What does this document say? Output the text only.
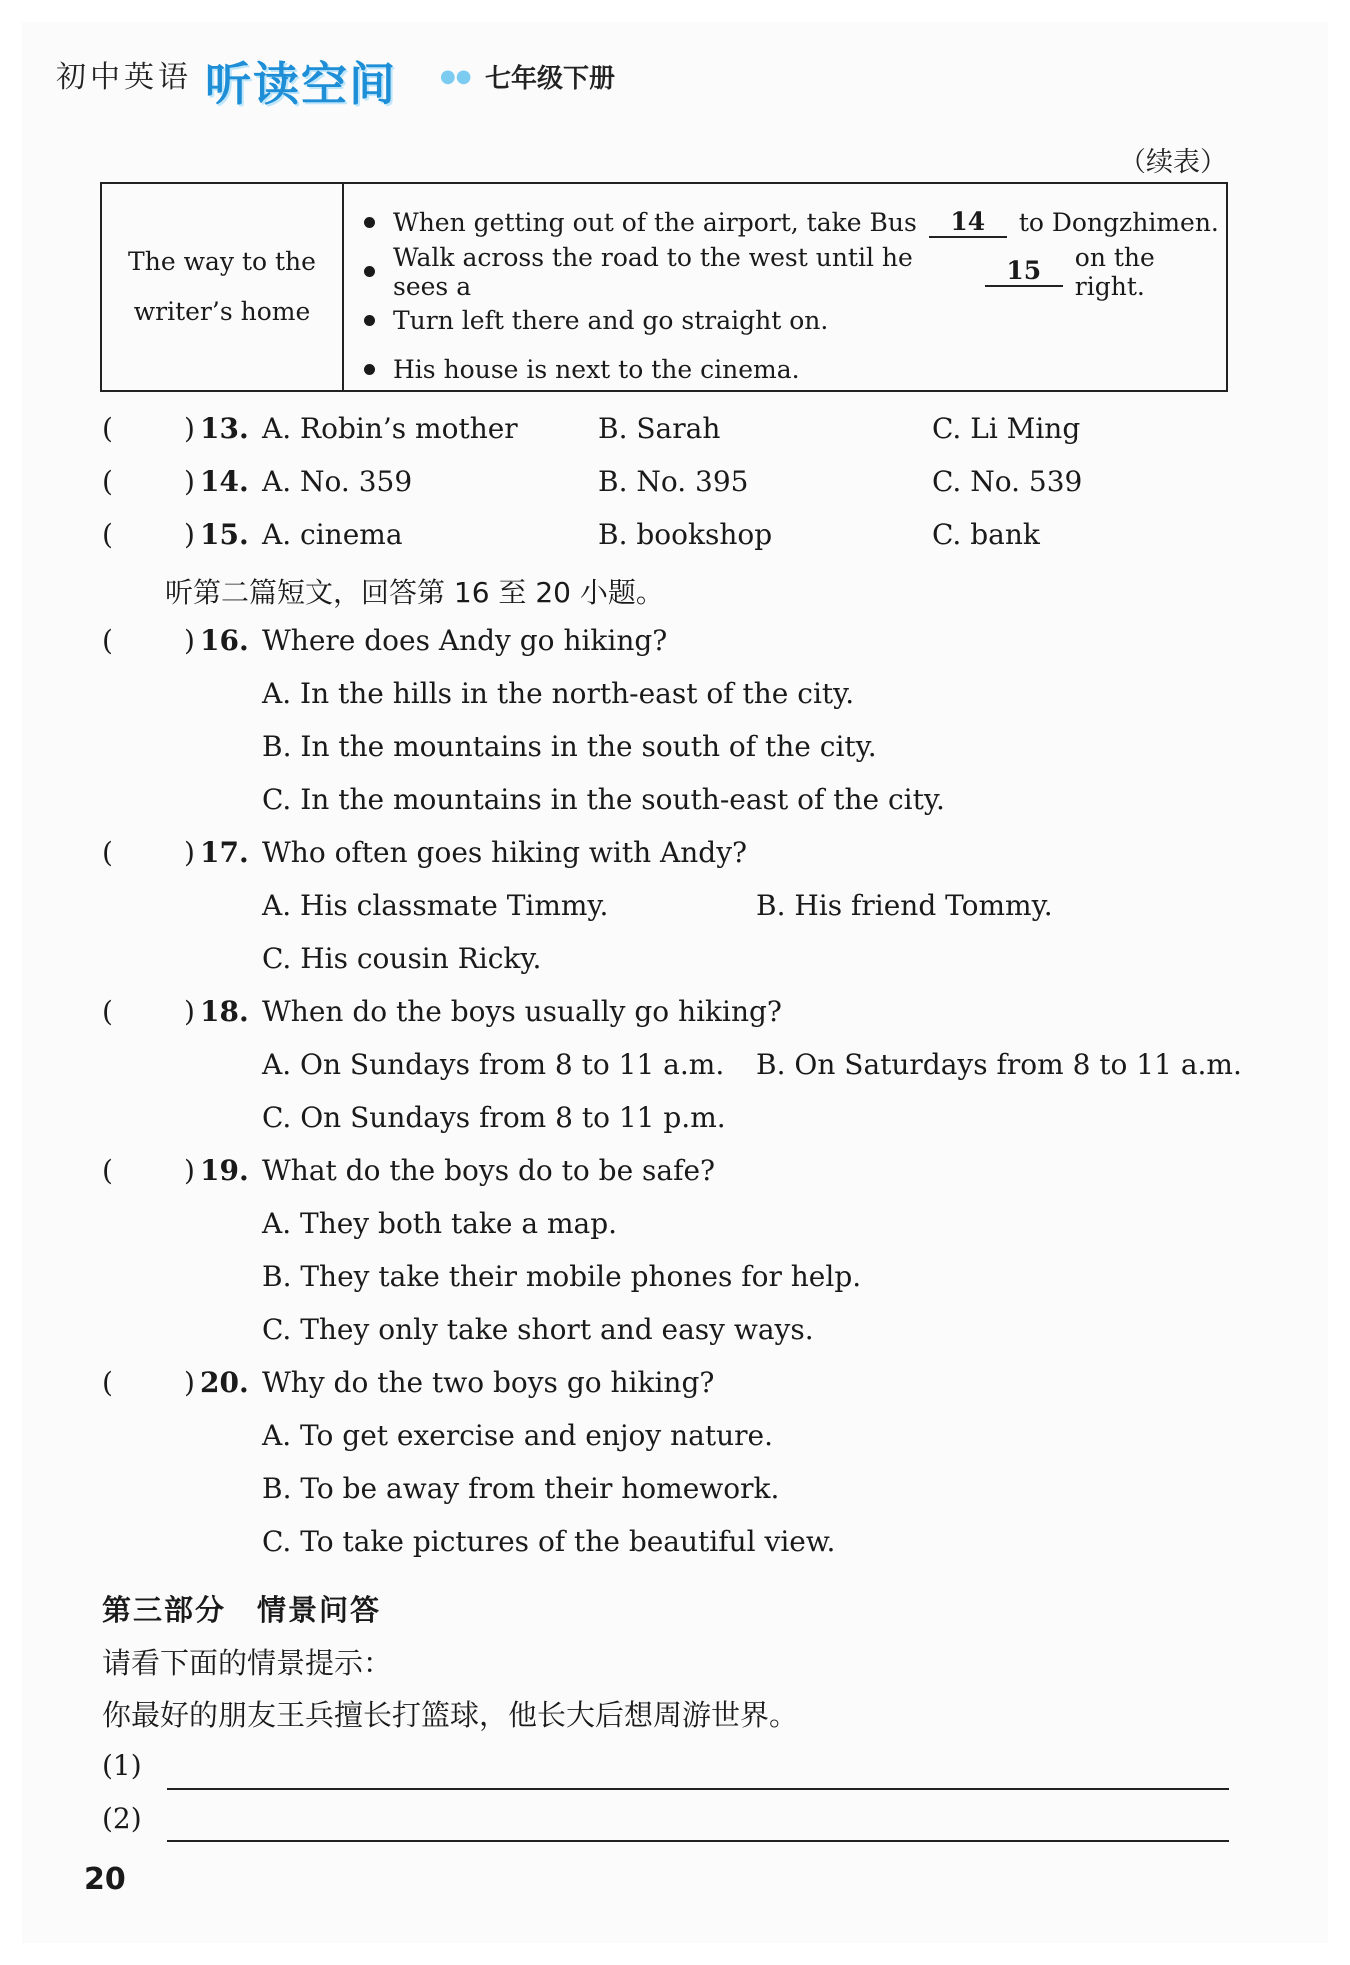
初中英语 听读空间 ●● 七年级下册
（续表）
The way to the
writer’s home
When getting out of the airport, take Bus	14	to Dongzhimen.
Walk across the road to the west until he sees a
15	on the right.
Turn left there and go straight on.
His house is next to the cinema.
(	) 13. A. Robin’s mother	B. Sarah	C. Li Ming
(	) 14. A. No. 359	B. No. 395	C. No. 539
(	) 15. A. cinema	B. bookshop	C. bank
听第二篇短文，回答第 16 至 20 小题。
(	) 16. Where does Andy go hiking?
A. In the hills in the north-east of the city.
B. In the mountains in the south of the city.
C. In the mountains in the south-east of the city.
(	) 17. Who often goes hiking with Andy?
A. His classmate Timmy.	B. His friend Tommy.
C. His cousin Ricky.
(	) 18. When do the boys usually go hiking?
A. On Sundays from 8 to 11 a.m. B. On Saturdays from 8 to 11 a.m.
C. On Sundays from 8 to 11 p.m.
(	) 19. What do the boys do to be safe?
A. They both take a map.
B. They take their mobile phones for help.
C. They only take short and easy ways.
(	) 20. Why do the two boys go hiking?
A. To get exercise and enjoy nature.
B. To be away from their homework.
C. To take pictures of the beautiful view.
第三部分　情景问答
请看下面的情景提示：
你最好的朋友王兵擅长打篮球，他长大后想周游世界。
(1)
(2)
20
